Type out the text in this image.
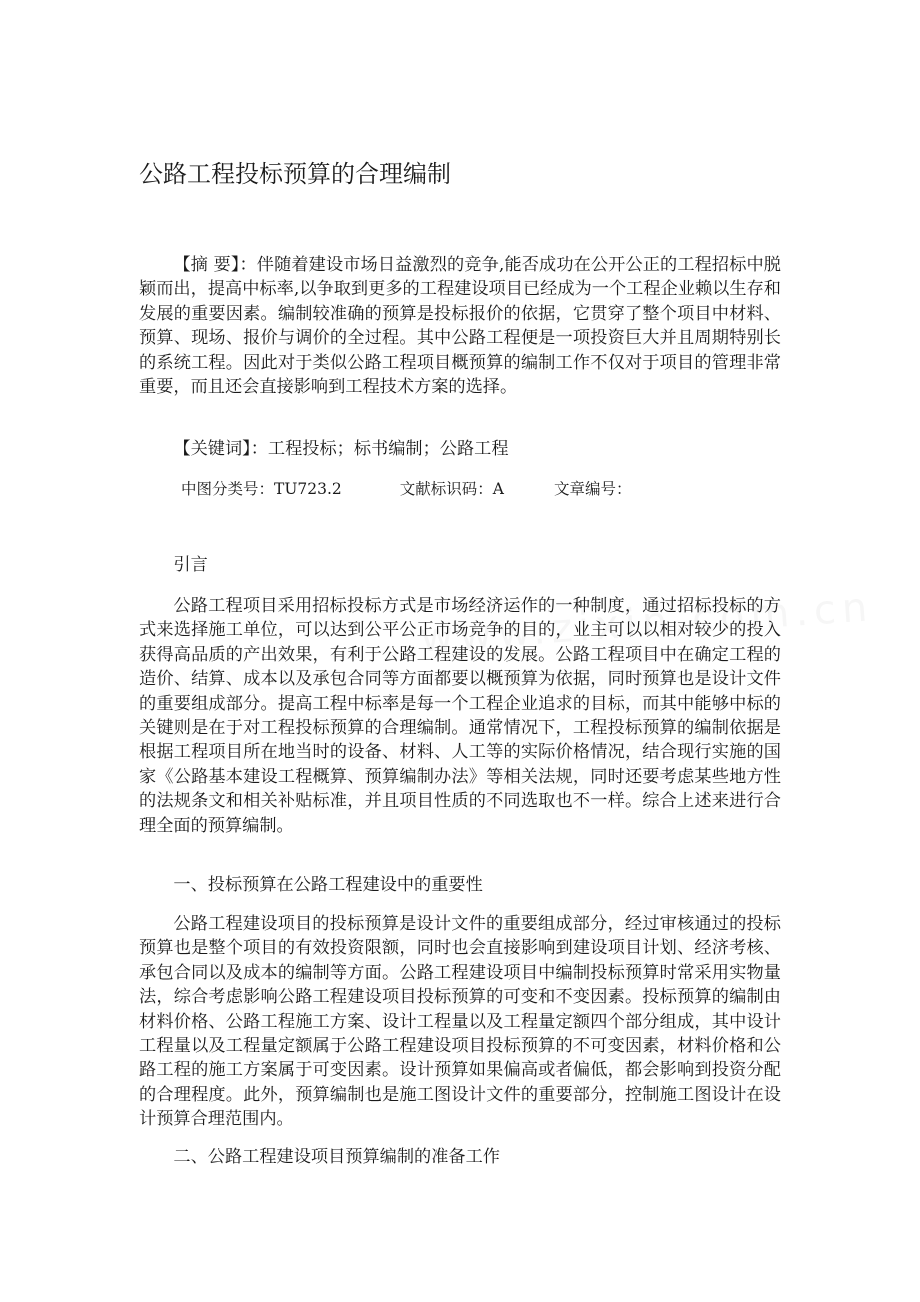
公路工程投标预算的合理编制

【摘 要】：伴随着建设市场日益激烈的竞争,能否成功在公开公正的工程招标中脱颖而出，提高中标率,以争取到更多的工程建设项目已经成为一个工程企业赖以生存和发展的重要因素。编制较准确的预算是投标报价的依据，它贯穿了整个项目中材料、预算、现场、报价与调价的全过程。其中公路工程便是一项投资巨大并且周期特别长的系统工程。因此对于类似公路工程项目概预算的编制工作不仅对于项目的管理非常重要，而且还会直接影响到工程技术方案的选择。

【关键词】：工程投标；标书编制；公路工程
中图分类号：TU723.2	文献标识码：A	文章编号：
引言

公路工程项目采用招标投标方式是市场经济运作的一种制度，通过招标投标的方式来选择施工单位，可以达到公平公正市场竞争的目的，业主可以以相对较少的投入获得高品质的产出效果，有利于公路工程建设的发展。公路工程项目中在确定工程的造价、结算、成本以及承包合同等方面都要以概预算为依据，同时预算也是设计文件的重要组成部分。提高工程中标率是每一个工程企业追求的目标，而其中能够中标的关键则是在于对工程投标预算的合理编制。通常情况下，工程投标预算的编制依据是根据工程项目所在地当时的设备、材料、人工等的实际价格情况，结合现行实施的国家《公路基本建设工程概算、预算编制办法》等相关法规，同时还要考虑某些地方性的法规条文和相关补贴标准，并且项目性质的不同选取也不一样。综合上述来进行合理全面的预算编制。

一、投标预算在公路工程建设中的重要性

公路工程建设项目的投标预算是设计文件的重要组成部分，经过审核通过的投标预算也是整个项目的有效投资限额，同时也会直接影响到建设项目计划、经济考核、承包合同以及成本的编制等方面。公路工程建设项目中编制投标预算时常采用实物量法，综合考虑影响公路工程建设项目投标预算的可变和不变因素。投标预算的编制由材料价格、公路工程施工方案、设计工程量以及工程量定额四个部分组成，其中设计工程量以及工程量定额属于公路工程建设项目投标预算的不可变因素，材料价格和公路工程的施工方案属于可变因素。设计预算如果偏高或者偏低，都会影响到投资分配的合理程度。此外，预算编制也是施工图设计文件的重要部分，控制施工图设计在设计预算合理范围内。

二、公路工程建设项目预算编制的准备工作
